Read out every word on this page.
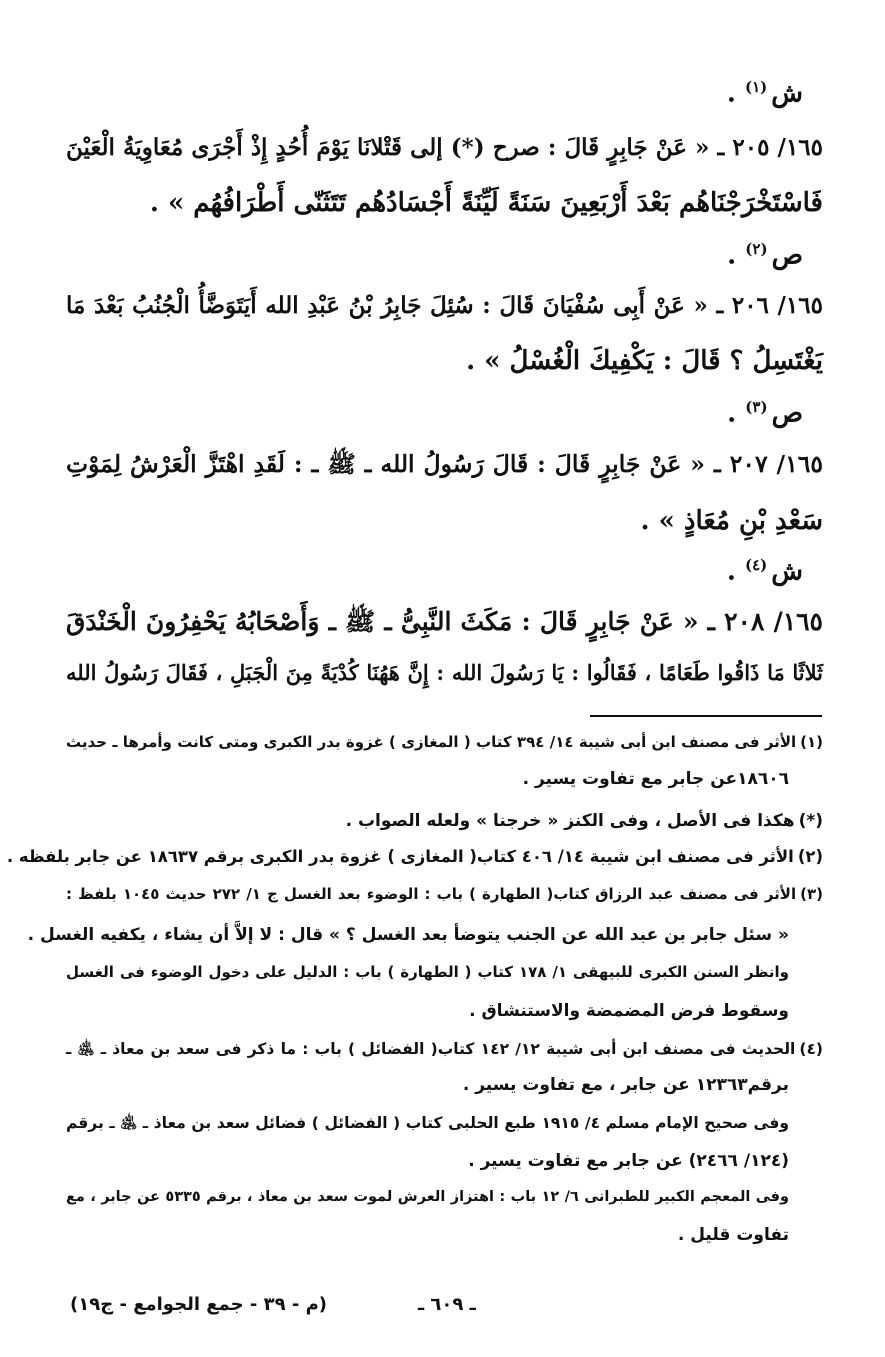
ش$^{(١)}$ .
١٦٥/ ٢٠٥ ـ « عَنْ جَابِرٍ قَالَ : صرح (*) إلى قَتْلانَا يَوْمَ أُحُدٍ إِذْ أَجْرَى مُعَاوِيَةُ الْعَيْنَ
فَاسْتَخْرَجْنَاهُم بَعْدَ أَرْبَعِينَ سَنَةً لَيِّنَةً أَجْسَادُهُم تَتَثَنّى أَطْرَافُهُم » .
ص$^{(٢)}$ .
١٦٥/ ٢٠٦ ـ « عَنْ أَبِى سُفْيَانَ قَالَ : سُئِلَ جَابِرُ بْنُ عَبْدِ الله أَيَتَوَضَّأُ الْجُنُبُ بَعْدَ مَا
يَغْتَسِلُ ؟ قَالَ : يَكْفِيكَ الْغُسْلُ » .
ص$^{(٣)}$ .
١٦٥/ ٢٠٧ ـ « عَنْ جَابِرٍ قَالَ : قَالَ رَسُولُ الله ـ ﷺ ـ : لَقَدِ اهْتَزَّ الْعَرْشُ لِمَوْتِ
سَعْدِ بْنِ مُعَاذٍ » .
ش$^{(٤)}$ .
١٦٥/ ٢٠٨ ـ « عَنْ جَابِرٍ قَالَ : مَكَثَ النَّبِىُّ ـ ﷺ ـ وَأَصْحَابُهُ يَحْفِرُونَ الْخَنْدَقَ
ثَلاثًا مَا ذَاقُوا طَعَامًا ، فَقَالُوا : يَا رَسُولَ الله : إِنَّ هَهُنَا كُدْيَةً مِنَ الْجَبَلِ ، فَقَالَ رَسُولُ الله
(١)الأثر فى مصنف ابن أبى شيبة ١٤/ ٣٩٤ كتاب ( المغازى ) غزوة بدر الكبرى ومتى كانت وأمرها ـ حديث
١٨٦٠٦عن جابر مع تفاوت يسير .
(*)هكذا فى الأصل ، وفى الكنز « خرجنا » ولعله الصواب .
(٢)الأثر فى مصنف ابن شيبة ١٤/ ٤٠٦ كتاب( المغازى ) غزوة بدر الكبرى برقم ١٨٦٣٧ عن جابر بلفظه .
(٣)الأثر فى مصنف عبد الرزاق كتاب( الطهارة ) باب : الوضوء بعد الغسل ج ١/ ٢٧٢ حديث ١٠٤٥ بلفظ :
« سئل جابر بن عبد الله عن الجنب يتوضأ بعد الغسل ؟ » قال : لا إلاَّ أن يشاء ، يكفيه الغسل .
وانظر السنن الكبرى للبيهقى ١/ ١٧٨ كتاب ( الطهارة ) باب : الدليل على دخول الوضوء فى الغسل
وسقوط فرض المضمضة والاستنشاق .
(٤)الحديث فى مصنف ابن أبى شيبة ١٢/ ١٤٢ كتاب( الفضائل ) باب : ما ذكر فى سعد بن معاذ ـ ﵁ ـ
برقم١٢٣٦٣ عن جابر ، مع تفاوت يسير .
وفى صحيح الإمام مسلم ٤/ ١٩١٥ طبع الحلبى كتاب ( الفضائل ) فضائل سعد بن معاذ ـ ﵁ ـ برقم
(١٢٤/ ٢٤٦٦) عن جابر مع تفاوت يسير .
وفى المعجم الكبير للطبرانى ٦/ ١٢ باب : اهتزاز العرش لموت سعد بن معاذ ، برقم ٥٣٣٥ عن جابر ، مع
تفاوت قليل .
ـ ٦٠٩ ـ
(م - ٣٩ - جمع الجوامع - ج١٩)
